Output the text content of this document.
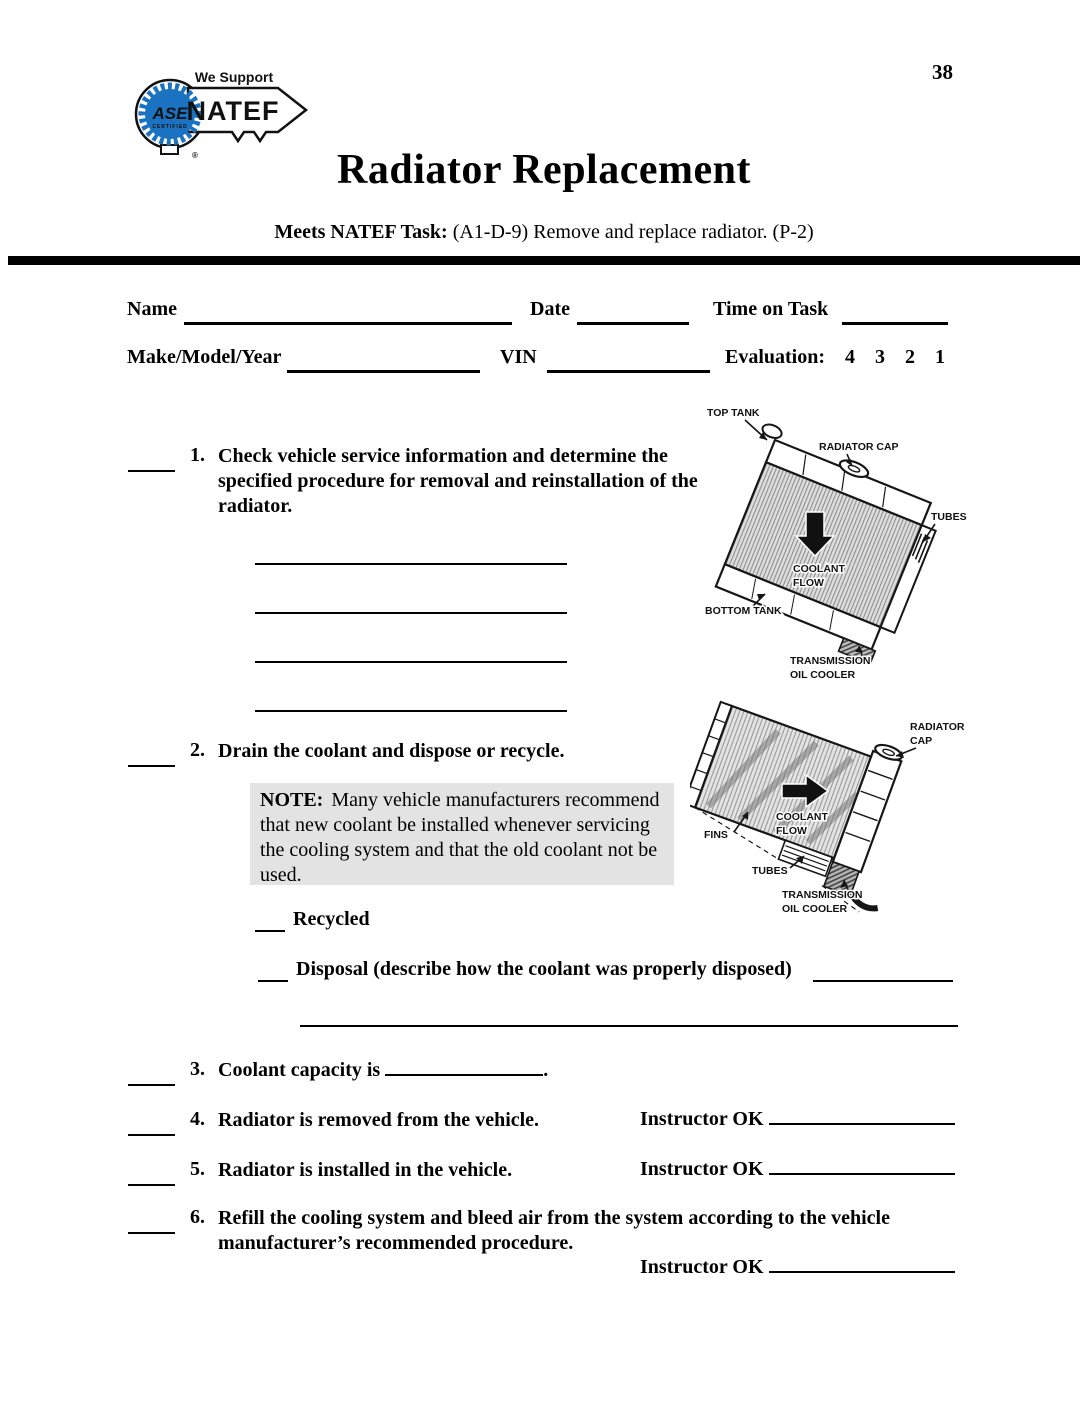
38
ASE
CERTIFIED
We Support
NATEF
®	Radiator Replacement
Meets NATEF Task: (A1-D-9) Remove and replace radiator. (P-2)
Name	Date	Time on Task
Make/Model/Year	VIN	Evaluation: 4 3 2 1
1. Check vehicle service information and determine the specified procedure for removal and reinstallation of the radiator.
2. Drain the coolant and dispose or recycle.
NOTE: Many vehicle manufacturers recommend that new coolant be installed whenever servicing the cooling system and that the old coolant not be used.
Recycled
Disposal (describe how the coolant was properly disposed)
3. Coolant capacity is	.
4. Radiator is removed from the vehicle.	Instructor OK
5. Radiator is installed in the vehicle.	Instructor OK
6. Refill the cooling system and bleed air from the system according to the vehicle manufacturer’s recommended procedure.
Instructor OK
TOP TANK
RADIATOR CAP
TUBES
COOLANT
FLOW
BOTTOM TANK
TRANSMISSION
OIL COOLER
RADIATOR
CAP
FINS
COOLANT
FLOW
TUBES
TRANSMISSION
OIL COOLER
